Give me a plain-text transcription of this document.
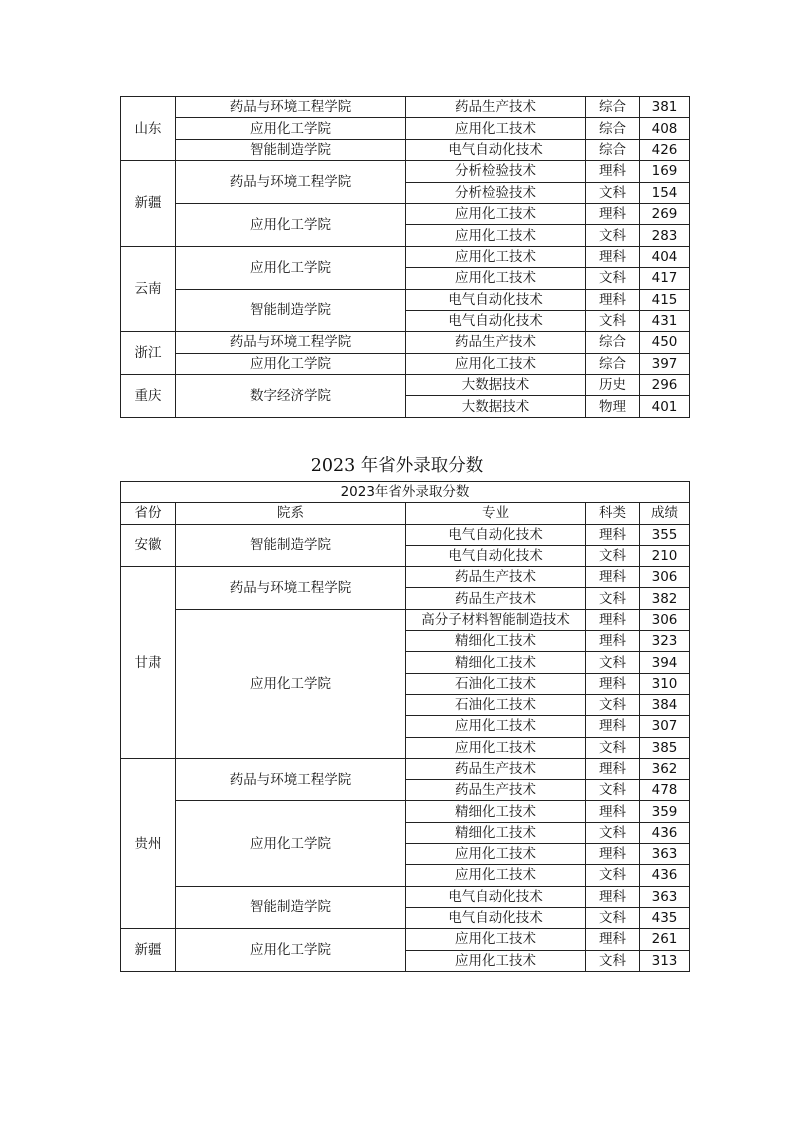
山东	药品与环境工程学院	药品生产技术	综合	381
	应用化工学院	应用化工技术	综合	408
	智能制造学院	电气自动化技术	综合	426
新疆	药品与环境工程学院	分析检验技术	理科	169
		分析检验技术	文科	154
	应用化工学院	应用化工技术	理科	269
		应用化工技术	文科	283
云南	应用化工学院	应用化工技术	理科	404
		应用化工技术	文科	417
	智能制造学院	电气自动化技术	理科	415
		电气自动化技术	文科	431
浙江	药品与环境工程学院	药品生产技术	综合	450
	应用化工学院	应用化工技术	综合	397
重庆	数字经济学院	大数据技术	历史	296
		大数据技术	物理	401
2023 年省外录取分数
2023年省外录取分数				
省份	院系	专业	科类	成绩
安徽	智能制造学院	电气自动化技术	理科	355
		电气自动化技术	文科	210
甘肃	药品与环境工程学院	药品生产技术	理科	306
		药品生产技术	文科	382
	应用化工学院	高分子材料智能制造技术	理科	306
		精细化工技术	理科	323
		精细化工技术	文科	394
		石油化工技术	理科	310
		石油化工技术	文科	384
		应用化工技术	理科	307
		应用化工技术	文科	385
贵州	药品与环境工程学院	药品生产技术	理科	362
		药品生产技术	文科	478
	应用化工学院	精细化工技术	理科	359
		精细化工技术	文科	436
		应用化工技术	理科	363
		应用化工技术	文科	436
	智能制造学院	电气自动化技术	理科	363
		电气自动化技术	文科	435
新疆	应用化工学院	应用化工技术	理科	261
		应用化工技术	文科	313
